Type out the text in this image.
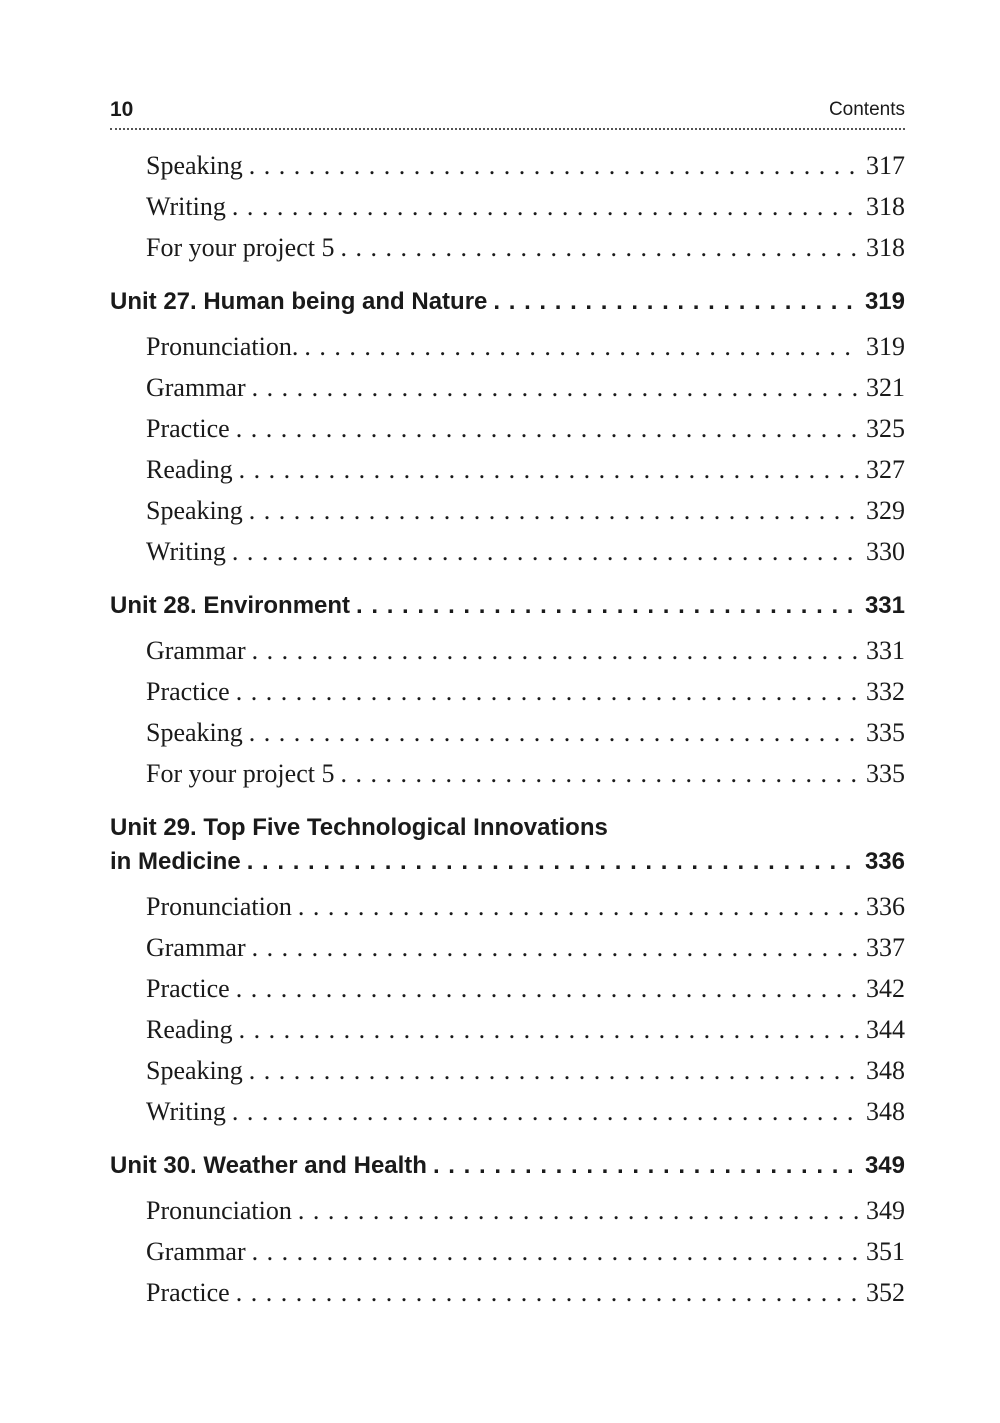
10	Contents
Speaking . . .	317
Writing . . .	318
For your project 5 . . .	318
Unit 27. Human being and Nature . . .	319
Pronunciation. . . .	319
Grammar . . .	321
Practice . . .	325
Reading . . .	327
Speaking . . .	329
Writing . . .	330
Unit 28. Environment . . .	331
Grammar . . .	331
Practice . . .	332
Speaking . . .	335
For your project 5 . . .	335
Unit 29. Top Five Technological Innovations
in Medicine . . .	336
Pronunciation . . .	336
Grammar . . .	337
Practice . . .	342
Reading . . .	344
Speaking . . .	348
Writing . . .	348
Unit 30. Weather and Health . . .	349
Pronunciation . . .	349
Grammar . . .	351
Practice . . .	352
